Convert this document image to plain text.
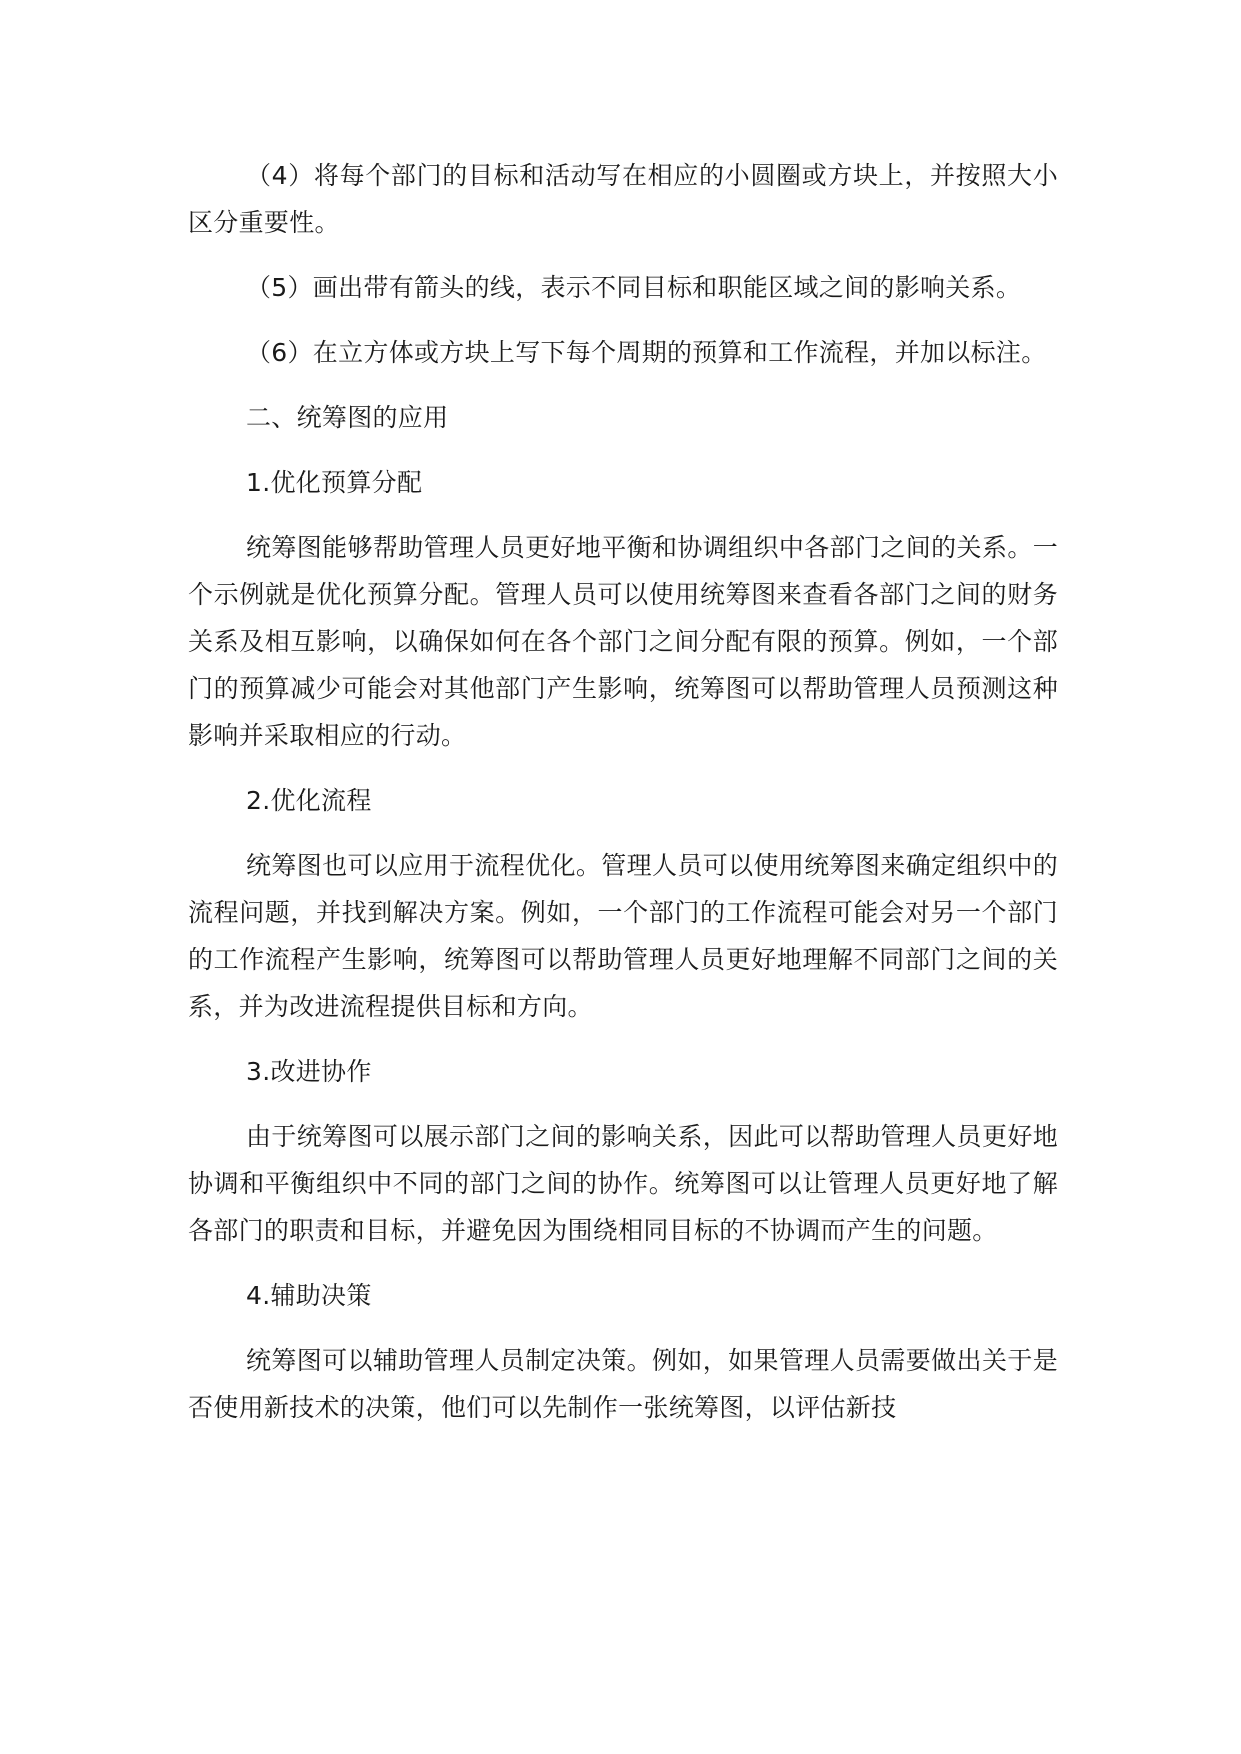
（4）将每个部门的目标和活动写在相应的小圆圈或方块上，并按照大小区分重要性。

（5）画出带有箭头的线，表示不同目标和职能区域之间的影响关系。

（6）在立方体或方块上写下每个周期的预算和工作流程，并加以标注。

二、统筹图的应用

1.优化预算分配

统筹图能够帮助管理人员更好地平衡和协调组织中各部门之间的关系。一个示例就是优化预算分配。管理人员可以使用统筹图来查看各部门之间的财务关系及相互影响，以确保如何在各个部门之间分配有限的预算。例如，一个部门的预算减少可能会对其他部门产生影响，统筹图可以帮助管理人员预测这种影响并采取相应的行动。

2.优化流程

统筹图也可以应用于流程优化。管理人员可以使用统筹图来确定组织中的流程问题，并找到解决方案。例如，一个部门的工作流程可能会对另一个部门的工作流程产生影响，统筹图可以帮助管理人员更好地理解不同部门之间的关系，并为改进流程提供目标和方向。

3.改进协作

由于统筹图可以展示部门之间的影响关系，因此可以帮助管理人员更好地协调和平衡组织中不同的部门之间的协作。统筹图可以让管理人员更好地了解各部门的职责和目标，并避免因为围绕相同目标的不协调而产生的问题。

4.辅助决策

统筹图可以辅助管理人员制定决策。例如，如果管理人员需要做出关于是否使用新技术的决策，他们可以先制作一张统筹图，以评估新技
